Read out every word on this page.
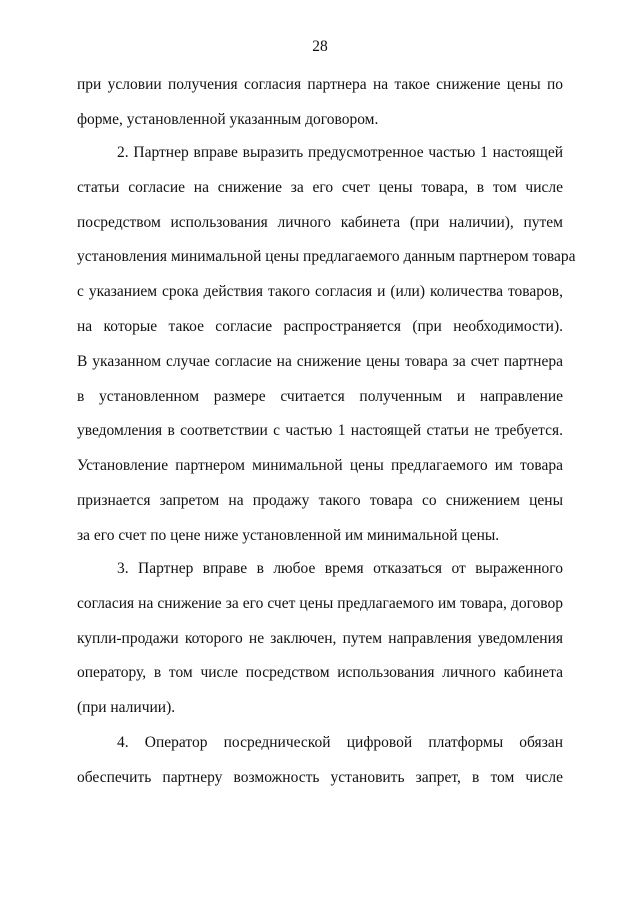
28
при условии получения согласия партнера на такое снижение цены по
форме, установленной указанным договором.
2. Партнер вправе выразить предусмотренное частью 1 настоящей
статьи согласие на снижение за его счет цены товара, в том числе
посредством использования личного кабинета (при наличии), путем
установления минимальной цены предлагаемого данным партнером товара
с указанием срока действия такого согласия и (или) количества товаров,
на которые такое согласие распространяется (при необходимости).
В указанном случае согласие на снижение цены товара за счет партнера
в установленном размере считается полученным и направление
уведомления в соответствии с частью 1 настоящей статьи не требуется.
Установление партнером минимальной цены предлагаемого им товара
признается запретом на продажу такого товара со снижением цены
за его счет по цене ниже установленной им минимальной цены.
3. Партнер вправе в любое время отказаться от выраженного
согласия на снижение за его счет цены предлагаемого им товара, договор
купли-продажи которого не заключен, путем направления уведомления
оператору, в том числе посредством использования личного кабинета
(при наличии).
4. Оператор посреднической цифровой платформы обязан
обеспечить партнеру возможность установить запрет, в том числе
